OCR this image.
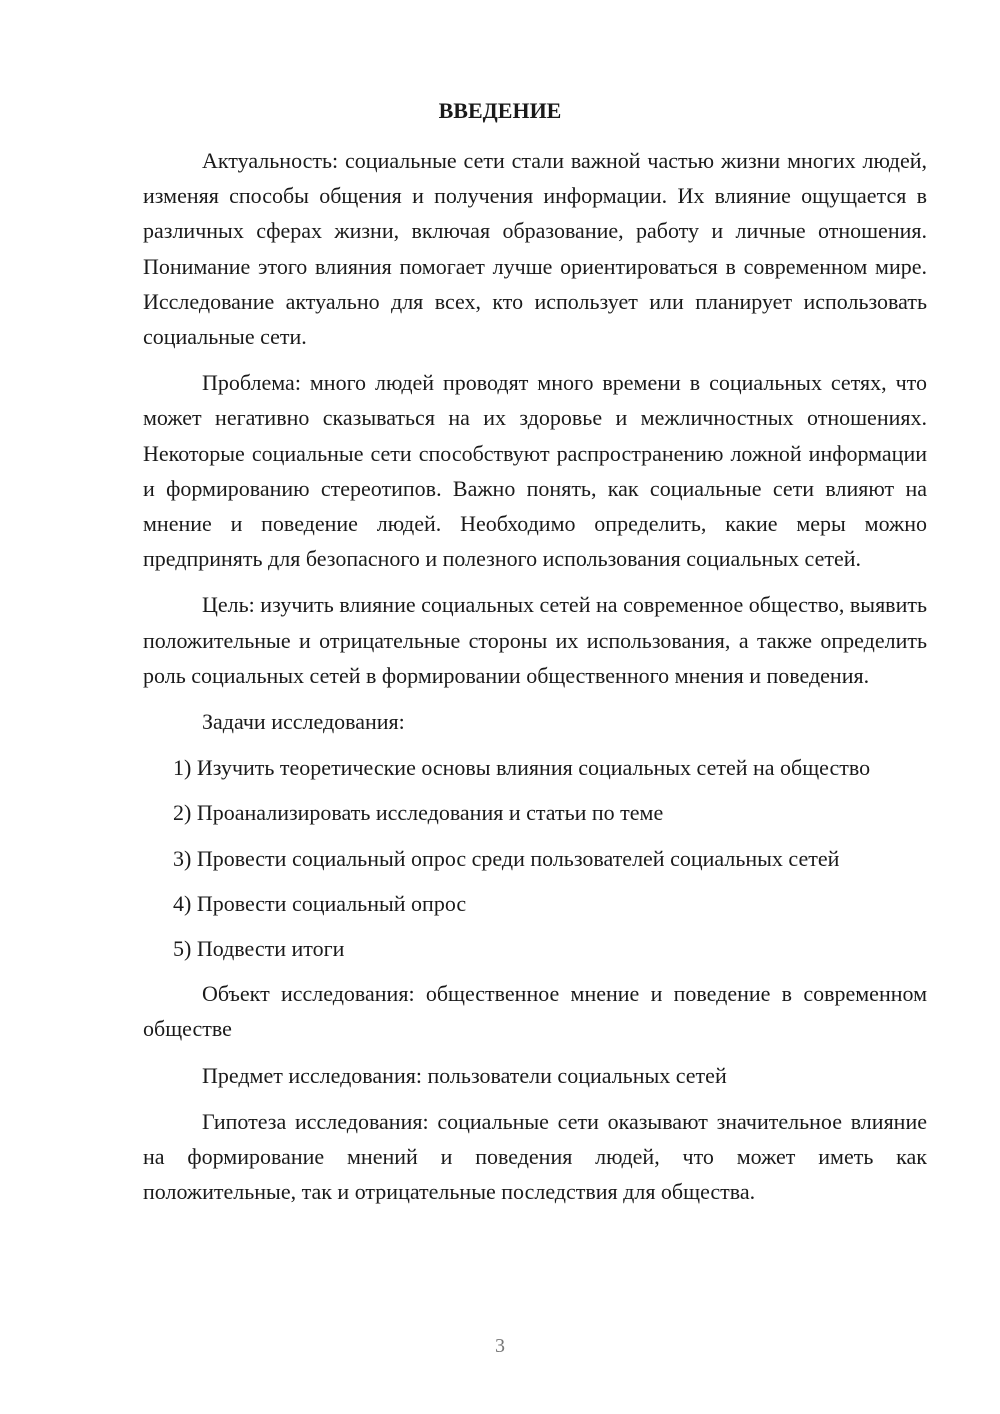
ВВЕДЕНИЕ

Актуальность: социальные сети стали важной частью жизни многих людей, изменяя способы общения и получения информации. Их влияние ощущается в различных сферах жизни, включая образование, работу и личные отношения. Понимание этого влияния помогает лучше ориентироваться в современном мире. Исследование актуально для всех, кто использует или планирует использовать социальные сети.

Проблема: много людей проводят много времени в социальных сетях, что может негативно сказываться на их здоровье и межличностных отношениях. Некоторые социальные сети способствуют распространению ложной информации и формированию стереотипов. Важно понять, как социальные сети влияют на мнение и поведение людей. Необходимо определить, какие меры можно предпринять для безопасного и полезного использования социальных сетей.

Цель: изучить влияние социальных сетей на современное общество, выявить положительные и отрицательные стороны их использования, а также определить роль социальных сетей в формировании общественного мнения и поведения.

Задачи исследования:

1) Изучить теоретические основы влияния социальных сетей на общество

2) Проанализировать исследования и статьи по теме

3) Провести социальный опрос среди пользователей социальных сетей

4) Провести социальный опрос

5) Подвести итоги

Объект исследования: общественное мнение и поведение в современном обществе

Предмет исследования: пользователи социальных сетей

Гипотеза исследования: социальные сети оказывают значительное влияние на формирование мнений и поведения людей, что может иметь как положительные, так и отрицательные последствия для общества.

3
